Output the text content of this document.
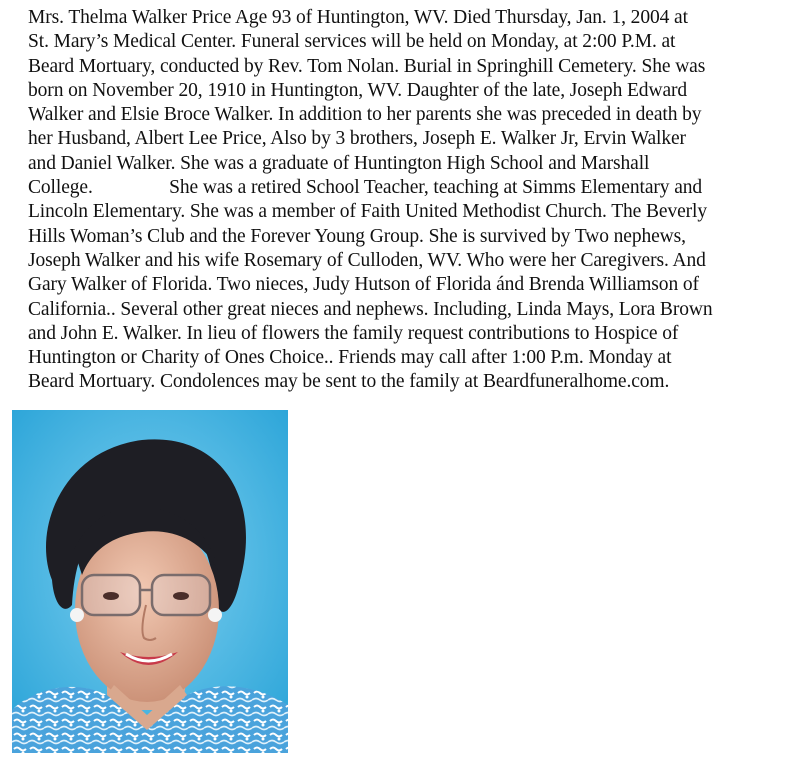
Mrs. Thelma Walker Price Age 93 of Huntington, WV. Died Thursday, Jan. 1, 2004 at
St. Mary’s Medical Center. Funeral services will be held on Monday, at 2:00 P.M. at
Beard Mortuary, conducted by Rev. Tom Nolan. Burial in Springhill Cemetery. She was
born on November 20, 1910 in Huntington, WV. Daughter of the late, Joseph Edward
Walker and Elsie Broce Walker. In addition to her parents she was preceded in death by
her Husband, Albert Lee Price, Also by 3 brothers, Joseph E. Walker Jr, Ervin Walker
and Daniel Walker. She was a graduate of Huntington High School and Marshall
College.                She was a retired School Teacher, teaching at Simms Elementary and
Lincoln Elementary. She was a member of Faith United Methodist Church. The Beverly
Hills Woman’s Club and the Forever Young Group. She is survived by Two nephews,
Joseph Walker and his wife Rosemary of Culloden, WV. Who were her Caregivers. And
Gary Walker of Florida. Two nieces, Judy Hutson of Florida ánd Brenda Williamson of
California.. Several other great nieces and nephews. Including, Linda Mays, Lora Brown
and John E. Walker. In lieu of flowers the family request contributions to Hospice of
Huntington or Charity of Ones Choice.. Friends may call after 1:00 P.m. Monday at
Beard Mortuary. Condolences may be sent to the family at Beardfuneralhome.com.
